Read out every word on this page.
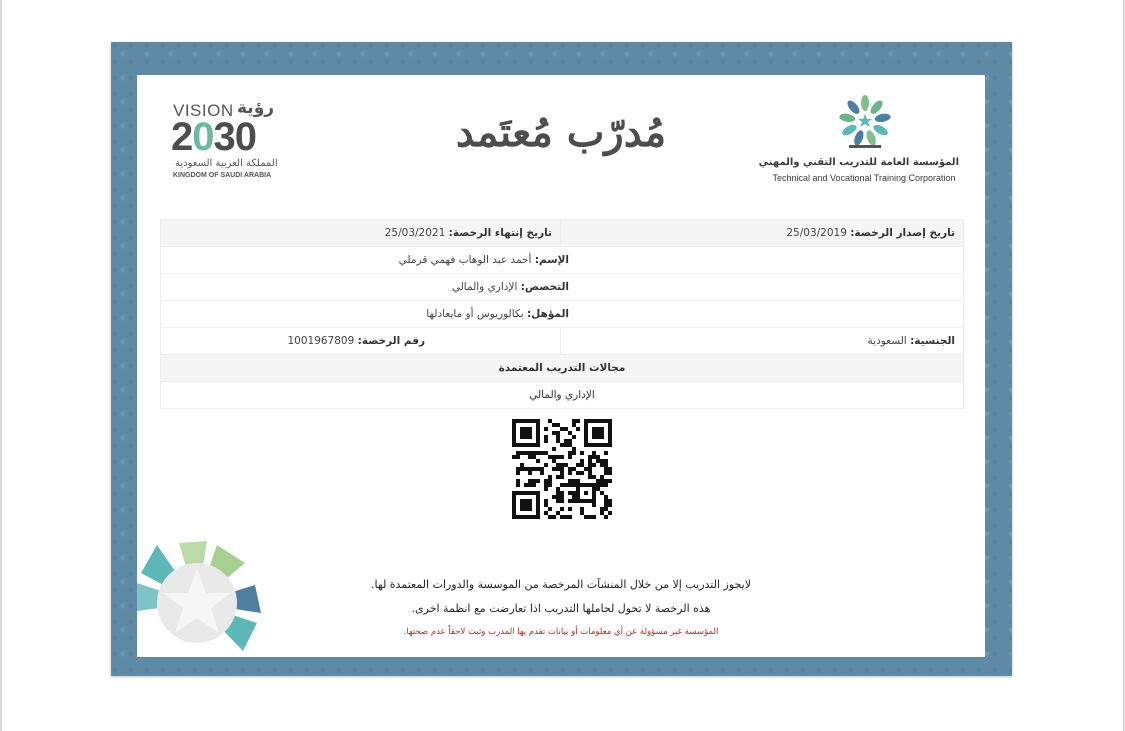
المؤسسة العامة للتدريب التقني والمهني
Technical and Vocational Training Corporation
مُدرّب مُعتَمد
VISION رؤية
2030
المملكة العربية السعودية
KINGDOM OF SAUDI ARABIA
تاريخ إصدار الرخصة: 25/03/2019	تاريخ إنتهاء الرخصة: 25/03/2021
الإسم: أحمد عبد الوهاب فهمي قرملي	
التخصص: الإداري والمالي	
المؤهل: بكالوريوس أو مايعادلها	
الجنسية: السعودية	رقم الرخصة: 1001967809
مجالات التدريب المعتمدة	
الإداري والمالي	

لايجوز التدريب إلا من خلال المنشآت المرخصة من الموسسة والدورات المعتمدة لها.

هذه الرخصة لا تخول لحاملها التدريب اذا تعارضت مع انظمة اخرى.

المؤسسة غير مسؤولة عن أي معلومات أو بيانات تقدم بها المدرب وثبت لاحقاً عدم صحتها.
